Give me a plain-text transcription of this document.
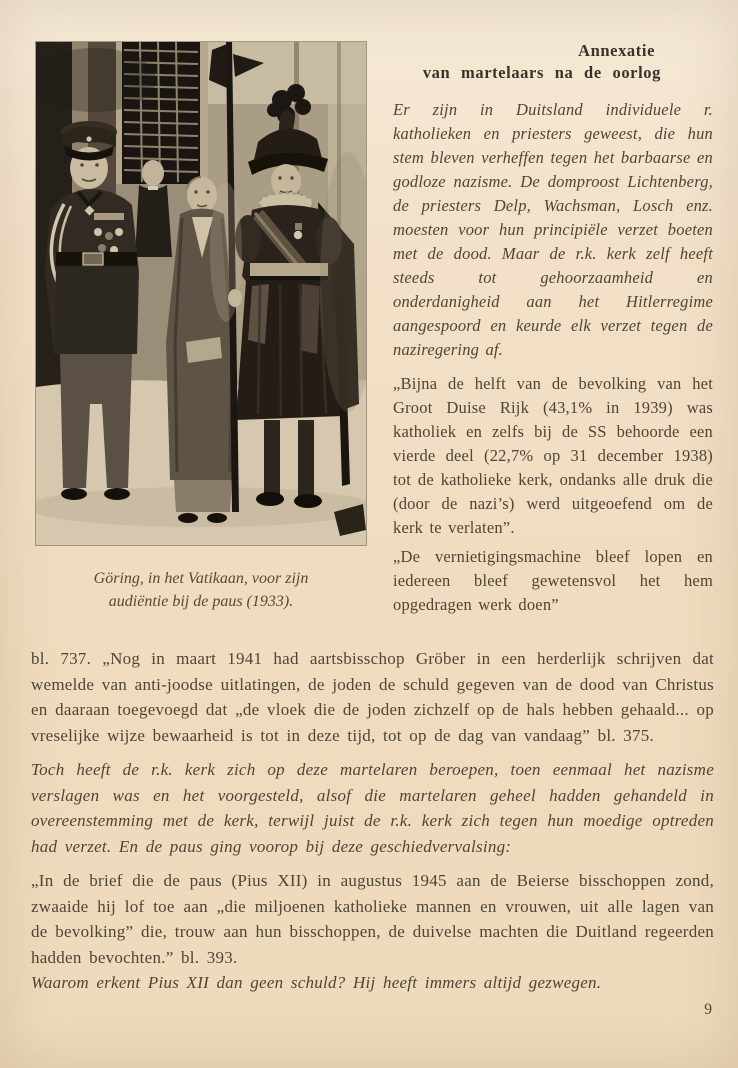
Göring, in het Vatikaan, voor zijn
audiëntie bij de paus (1933).
Annexatie
van martelaars na de oorlog

Er zijn in Duitsland individuele r. katholieken en priesters geweest, die hun stem bleven verheffen tegen het barbaarse en godloze nazisme. De domproost Lichtenberg, de priesters Delp, Wachsman, Losch enz. moesten voor hun principiële verzet boeten met de dood. Maar de r.k. kerk zelf heeft steeds tot gehoorzaamheid en onderdanigheid aan het Hitlerregime aangespoord en keurde elk verzet tegen de naziregering af.

„Bijna de helft van de bevolking van het Groot Duise Rijk (43,1% in 1939) was katholiek en zelfs bij de SS behoorde een vierde deel (22,7% op 31 december 1938) tot de katholieke kerk, ondanks alle druk die (door de nazi’s) werd uitgeoefend om de kerk te verlaten”.

„De vernietigingsmachine bleef lopen en iedereen bleef gewetensvol het hem opgedragen werk doen”

bl. 737. „Nog in maart 1941 had aartsbisschop Gröber in een herderlijk schrijven dat wemelde van anti-joodse uitlatingen, de joden de schuld gegeven van de dood van Christus en daaraan toegevoegd dat „de vloek die de joden zichzelf op de hals hebben gehaald... op vreselijke wijze bewaarheid is tot in deze tijd, tot op de dag van vandaag” bl. 375.

Toch heeft de r.k. kerk zich op deze martelaren beroepen, toen eenmaal het nazisme verslagen was en het voorgesteld, alsof die martelaren geheel hadden gehandeld in overeenstemming met de kerk, terwijl juist de r.k. kerk zich tegen hun moedige optreden had verzet. En de paus ging voorop bij deze geschiedvervalsing:

„In de brief die de paus (Pius XII) in augustus 1945 aan de Beierse bisschoppen zond, zwaaide hij lof toe aan „die miljoenen katholieke mannen en vrouwen, uit alle lagen van de bevolking” die, trouw aan hun bisschoppen, de duivelse machten die Duitland regeerden hadden bevochten.” bl. 393.

Waarom erkent Pius XII dan geen schuld? Hij heeft immers altijd gezwegen.

9
